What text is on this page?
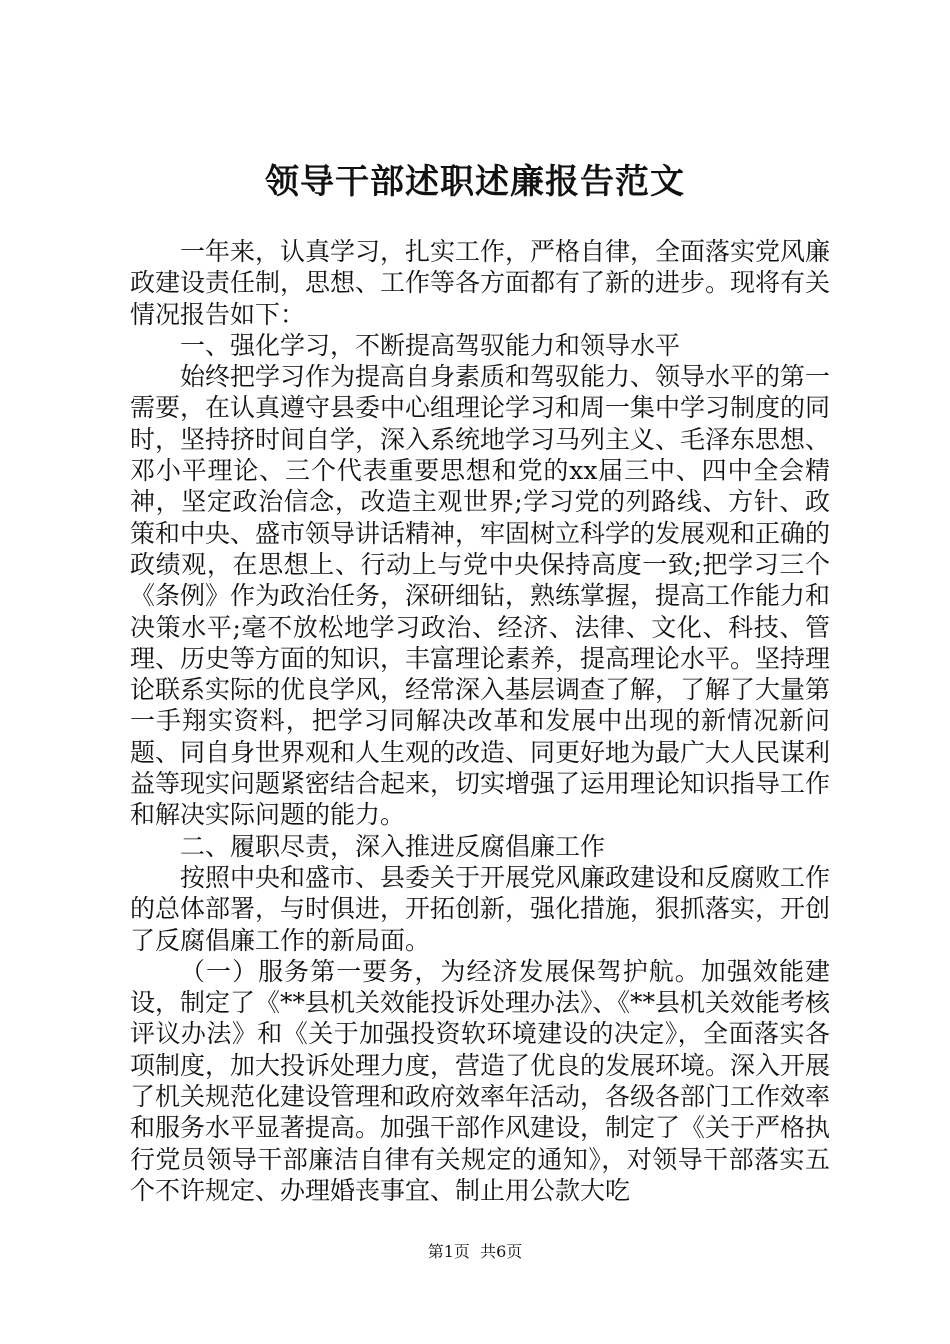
领导干部述职述廉报告范文

一年来，认真学习，扎实工作，严格自律，全面落实党风廉政建设责任制，思想、工作等各方面都有了新的进步。现将有关情况报告如下：

一、强化学习，不断提高驾驭能力和领导水平

始终把学习作为提高自身素质和驾驭能力、领导水平的第一需要，在认真遵守县委中心组理论学习和周一集中学习制度的同时，坚持挤时间自学，深入系统地学习马列主义、毛泽东思想、邓小平理论、三个代表重要思想和党的xx届三中、四中全会精神，坚定政治信念，改造主观世界;学习党的列路线、方针、政策和中央、盛市领导讲话精神，牢固树立科学的发展观和正确的政绩观，在思想上、行动上与党中央保持高度一致;把学习三个《条例》作为政治任务，深研细钻，熟练掌握，提高工作能力和决策水平;毫不放松地学习政治、经济、法律、文化、科技、管理、历史等方面的知识，丰富理论素养，提高理论水平。坚持理论联系实际的优良学风，经常深入基层调查了解，了解了大量第一手翔实资料，把学习同解决改革和发展中出现的新情况新问题、同自身世界观和人生观的改造、同更好地为最广大人民谋利益等现实问题紧密结合起来，切实增强了运用理论知识指导工作和解决实际问题的能力。

二、履职尽责，深入推进反腐倡廉工作

按照中央和盛市、县委关于开展党风廉政建设和反腐败工作的总体部署，与时俱进，开拓创新，强化措施，狠抓落实，开创了反腐倡廉工作的新局面。

（一）服务第一要务，为经济发展保驾护航。加强效能建设，制定了《**县机关效能投诉处理办法》、《**县机关效能考核评议办法》和《关于加强投资软环境建设的决定》，全面落实各项制度，加大投诉处理力度，营造了优良的发展环境。深入开展了机关规范化建设管理和政府效率年活动，各级各部门工作效率和服务水平显著提高。加强干部作风建设，制定了《关于严格执行党员领导干部廉洁自律有关规定的通知》，对领导干部落实五个不许规定、办理婚丧事宜、制止用公款大吃

第1页  共6页
